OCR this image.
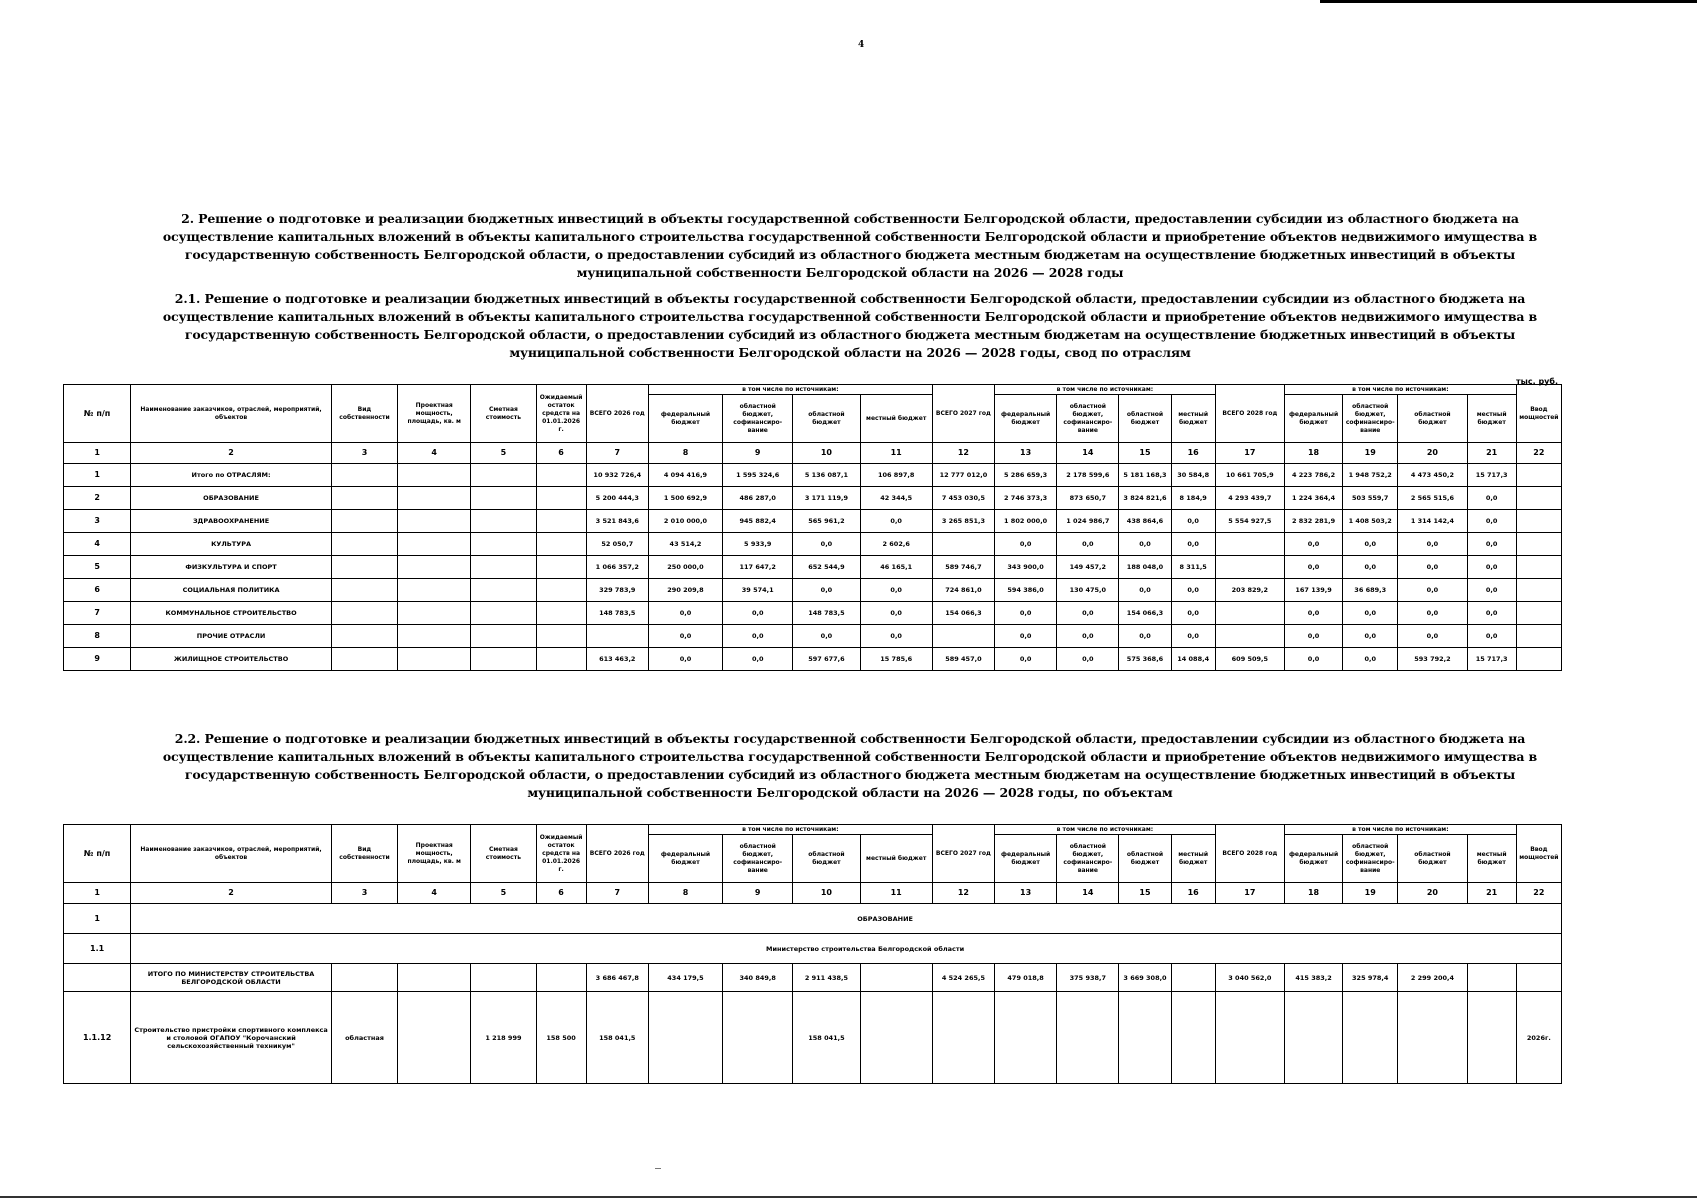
4
2. Решение о подготовке и реализации бюджетных инвестиций в объекты государственной собственности Белгородской области, предоставлении субсидии из областного бюджета на осуществление капитальных вложений в объекты капитального строительства государственной собственности Белгородской области и приобретение объектов недвижимого имущества в государственную собственность Белгородской области, о предоставлении субсидий из областного бюджета местным бюджетам на осуществление бюджетных инвестиций в объекты муниципальной собственности Белгородской области на 2026 — 2028 годы
2.1. Решение о подготовке и реализации бюджетных инвестиций в объекты государственной собственности Белгородской области, предоставлении субсидии из областного бюджета на осуществление капитальных вложений в объекты капитального строительства государственной собственности Белгородской области и приобретение объектов недвижимого имущества в государственную собственность Белгородской области, о предоставлении субсидий из областного бюджета местным бюджетам на осуществление бюджетных инвестиций в объекты муниципальной собственности Белгородской области на 2026 — 2028 годы, свод по отраслям
тыс. руб.
№ п/п	Наименование заказчиков, отраслей, мероприятий, объектов	Вид собственности	Проектная мощность, площадь, кв. м	Сметная стоимость	Ожидаемый остаток средств на 01.01.2026 г.	ВСЕГО 2026 год	в том числе по источникам:				ВСЕГО 2027 год	в том числе по источникам:				ВСЕГО 2028 год	в том числе по источникам:				Ввод мощностей
							федеральный бюджет	областной бюджет, софинансиро-вание	областной бюджет	местный бюджет		федеральный бюджет	областной бюджет, софинансиро-вание	областной бюджет	местный бюджет		федеральный бюджет	областной бюджет, софинансиро-вание	областной бюджет	местный бюджет	
1	2	3	4	5	6	7	8	9	10	11	12	13	14	15	16	17	18	19	20	21	22
1	Итого по ОТРАСЛЯМ:					10 932 726,4	4 094 416,9	1 595 324,6	5 136 087,1	106 897,8	12 777 012,0	5 286 659,3	2 178 599,6	5 181 168,3	30 584,8	10 661 705,9	4 223 786,2	1 948 752,2	4 473 450,2	15 717,3	
2	ОБРАЗОВАНИЕ					5 200 444,3	1 500 692,9	486 287,0	3 171 119,9	42 344,5	7 453 030,5	2 746 373,3	873 650,7	3 824 821,6	8 184,9	4 293 439,7	1 224 364,4	503 559,7	2 565 515,6	0,0	
3	ЗДРАВООХРАНЕНИЕ					3 521 843,6	2 010 000,0	945 882,4	565 961,2	0,0	3 265 851,3	1 802 000,0	1 024 986,7	438 864,6	0,0	5 554 927,5	2 832 281,9	1 408 503,2	1 314 142,4	0,0	
4	КУЛЬТУРА					52 050,7	43 514,2	5 933,9	0,0	2 602,6		0,0	0,0	0,0	0,0		0,0	0,0	0,0	0,0	
5	ФИЗКУЛЬТУРА И СПОРТ					1 066 357,2	250 000,0	117 647,2	652 544,9	46 165,1	589 746,7	343 900,0	149 457,2	188 048,0	8 311,5		0,0	0,0	0,0	0,0	
6	СОЦИАЛЬНАЯ ПОЛИТИКА					329 783,9	290 209,8	39 574,1	0,0	0,0	724 861,0	594 386,0	130 475,0	0,0	0,0	203 829,2	167 139,9	36 689,3	0,0	0,0	
7	КОММУНАЛЬНОЕ СТРОИТЕЛЬСТВО					148 783,5	0,0	0,0	148 783,5	0,0	154 066,3	0,0	0,0	154 066,3	0,0		0,0	0,0	0,0	0,0	
8	ПРОЧИЕ ОТРАСЛИ						0,0	0,0	0,0	0,0		0,0	0,0	0,0	0,0		0,0	0,0	0,0	0,0	
9	ЖИЛИЩНОЕ СТРОИТЕЛЬСТВО					613 463,2	0,0	0,0	597 677,6	15 785,6	589 457,0	0,0	0,0	575 368,6	14 088,4	609 509,5	0,0	0,0	593 792,2	15 717,3	
2.2. Решение о подготовке и реализации бюджетных инвестиций в объекты государственной собственности Белгородской области, предоставлении субсидии из областного бюджета на осуществление капитальных вложений в объекты капитального строительства государственной собственности Белгородской области и приобретение объектов недвижимого имущества в государственную собственность Белгородской области, о предоставлении субсидий из областного бюджета местным бюджетам на осуществление бюджетных инвестиций в объекты муниципальной собственности Белгородской области на 2026 — 2028 годы, по объектам
№ п/п	Наименование заказчиков, отраслей, мероприятий, объектов	Вид собственности	Проектная мощность, площадь, кв. м	Сметная стоимость	Ожидаемый остаток средств на 01.01.2026 г.	ВСЕГО 2026 год	в том числе по источникам:				ВСЕГО 2027 год	в том числе по источникам:				ВСЕГО 2028 год	в том числе по источникам:				Ввод мощностей
							федеральный бюджет	областной бюджет, софинансиро-вание	областной бюджет	местный бюджет		федеральный бюджет	областной бюджет, софинансиро-вание	областной бюджет	местный бюджет		федеральный бюджет	областной бюджет, софинансиро-вание	областной бюджет	местный бюджет	
1	2	3	4	5	6	7	8	9	10	11	12	13	14	15	16	17	18	19	20	21	22
1	ОБРАЗОВАНИЕ																				
1.1	Министерство строительства Белгородской области																				
	ИТОГО ПО МИНИСТЕРСТВУ СТРОИТЕЛЬСТВА БЕЛГОРОДСКОЙ ОБЛАСТИ					3 686 467,8	434 179,5	340 849,8	2 911 438,5		4 524 265,5	479 018,8	375 938,7	3 669 308,0		3 040 562,0	415 383,2	325 978,4	2 299 200,4		
1.1.12	Строительство пристройки спортивного комплекса и столовой ОГАПОУ "Корочанский сельскохозяйственный техникум"	областная		1 218 999	158 500	158 041,5			158 041,5												2026г.
